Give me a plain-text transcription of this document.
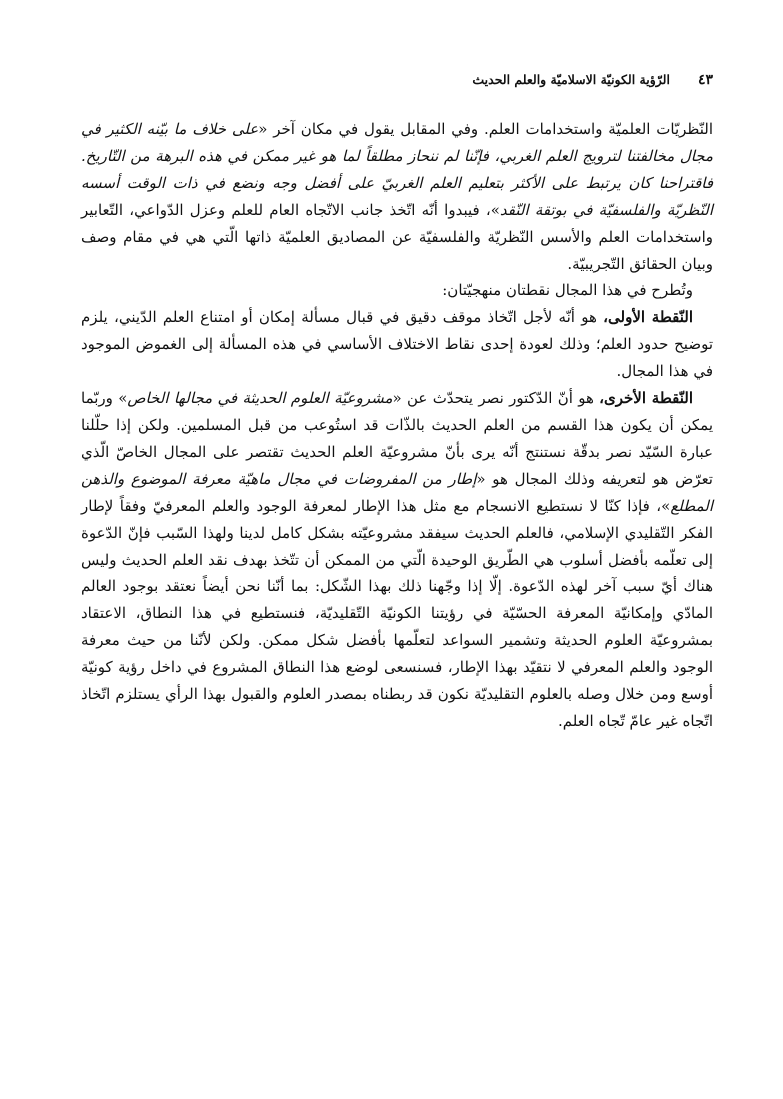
٤٣
الرّؤية الكونيّة الاسلاميّة والعلم الحديث

النّظريّات العلميّة واستخدامات العلم. وفي المقابل يقول في مكان آخر «على خلاف ما بيّنه الكثير في مجال مخالفتنا لترويج العلم الغربي، فإنّنا لم ننحاز مطلقاً لما هو غير ممكن في هذه البرهة من التّاريخ. فاقتراحنا كان يرتبط على الأكثر بتعليم العلم الغربيّ على أفضل وجه ونضع في ذات الوقت أسسه النّظريّة والفلسفيّة في بوتقة النّقد»، فيبدوا أنّه اتّخذ جانب الاتّجاه العام للعلم وعزل الدّواعي، التّعابير واستخدامات العلم والأسس النّظريّة والفلسفيّة عن المصاديق العلميّة ذاتها الّتي هي في مقام وصف وبيان الحقائق التّجريبيّة.

وتُطرح في هذا المجال نقطتان منهجيّتان:

النّقطة الأولى، هو أنّه لأجل اتّخاذ موقف دقيق في قبال مسألة إمكان أو امتناع العلم الدّيني، يلزم توضيح حدود العلم؛ وذلك لعودة إحدى نقاط الاختلاف الأساسي في هذه المسألة إلى الغموض الموجود في هذا المجال.

النّقطة الأخرى، هو أنّ الدّكتور نصر يتحدّث عن «مشروعيّة العلوم الحديثة في مجالها الخاص» وربّما يمكن أن يكون هذا القسم من العلم الحديث بالذّات قد استُوعب من قبل المسلمين. ولكن إذا حلّلنا عبارة السّيّد نصر بدقّة نستنتج أنّه يرى بأنّ مشروعيّة العلم الحديث تقتصر على المجال الخاصّ الّذي تعرّض هو لتعريفه وذلك المجال هو «إطار من المفروضات في مجال ماهيّة معرفة الموضوع والذهن المطلع»، فإذا كنّا لا نستطيع الانسجام مع مثل هذا الإطار لمعرفة الوجود والعلم المعرفيّ وفقاً لإطار الفكر التّقليدي الإسلامي، فالعلم الحديث سيفقد مشروعيّته بشكل كامل لدينا ولهذا السّبب فإنّ الدّعوة إلى تعلّمه بأفضل أسلوب هي الطّريق الوحيدة الّتي من الممكن أن تتّخذ بهدف نقد العلم الحديث وليس هناك أيّ سبب آخر لهذه الدّعوة. إلّا إذا وجّهنا ذلك بهذا الشّكل: بما أنّنا نحن أيضاً نعتقد بوجود العالم المادّي وإمكانيّة المعرفة الحسّيّة في رؤيتنا الكونيّة التّقليديّة، فنستطيع في هذا النطاق، الاعتقاد بمشروعيّة العلوم الحديثة وتشمير السواعد لتعلّمها بأفضل شكل ممكن. ولكن لأنّنا من حيث معرفة الوجود والعلم المعرفي لا نتقيّد بهذا الإطار، فسنسعى لوضع هذا النطاق المشروع في داخل رؤية كونيّة أوسع ومن خلال وصله بالعلوم التقليديّة نكون قد ربطناه بمصدر العلوم والقبول بهذا الرأي يستلزم اتّخاذ اتّجاه غير عامّ تّجاه العلم.
